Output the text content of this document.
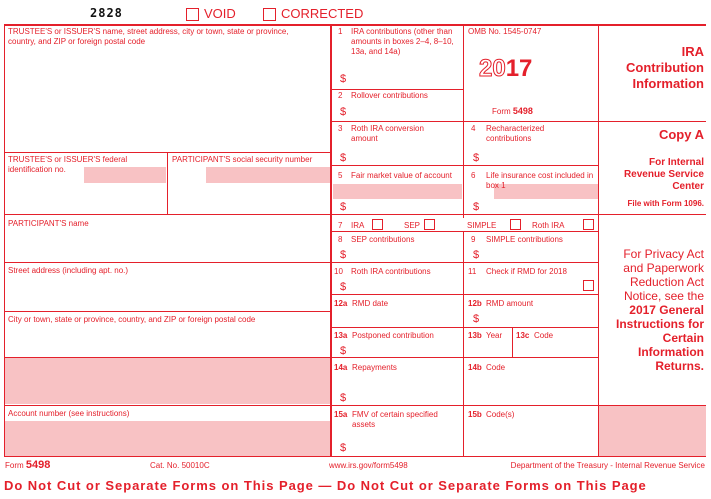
2828	VOID	CORRECTED
TRUSTEE'S or ISSUER'S name, street address, city or town, state or province, country, and ZIP or foreign postal code
TRUSTEE'S or ISSUER'S federal identification no.
PARTICIPANT'S social security number
PARTICIPANT'S name
Street address (including apt. no.)
City or town, state or province, country, and ZIP or foreign postal code
Account number (see instructions)
1 IRA contributions (other than amounts in boxes 2–4, 8–10, 13a, and 14a)
$
2 Rollover contributions
$
3 Roth IRA conversion amount
$
5 Fair market value of account
$
7 IRA	SEP	SIMPLE	Roth IRA
8 SEP contributions
$
10 Roth IRA contributions
$
12a RMD date
13a Postponed contribution
$
14a Repayments
$
15a FMV of certain specified assets
$
OMB No. 1545-0747
2017
Form 5498
4 Recharacterized contributions
$
6 Life insurance cost included in box 1
$
9 SIMPLE contributions
$
11 Check if RMD for 2018
12b RMD amount
$
13b Year 13c Code
14b Code
15b Code(s)
IRA Contribution Information
Copy A
For Internal Revenue Service Center
File with Form 1096.
For Privacy Act and Paperwork Reduction Act Notice, see the 2017 General Instructions for Certain Information Returns.
Form 5498	Cat. No. 50010C	www.irs.gov/form5498	Department of the Treasury - Internal Revenue Service
Do Not Cut or Separate Forms on This Page — Do Not Cut or Separate Forms on This Page
